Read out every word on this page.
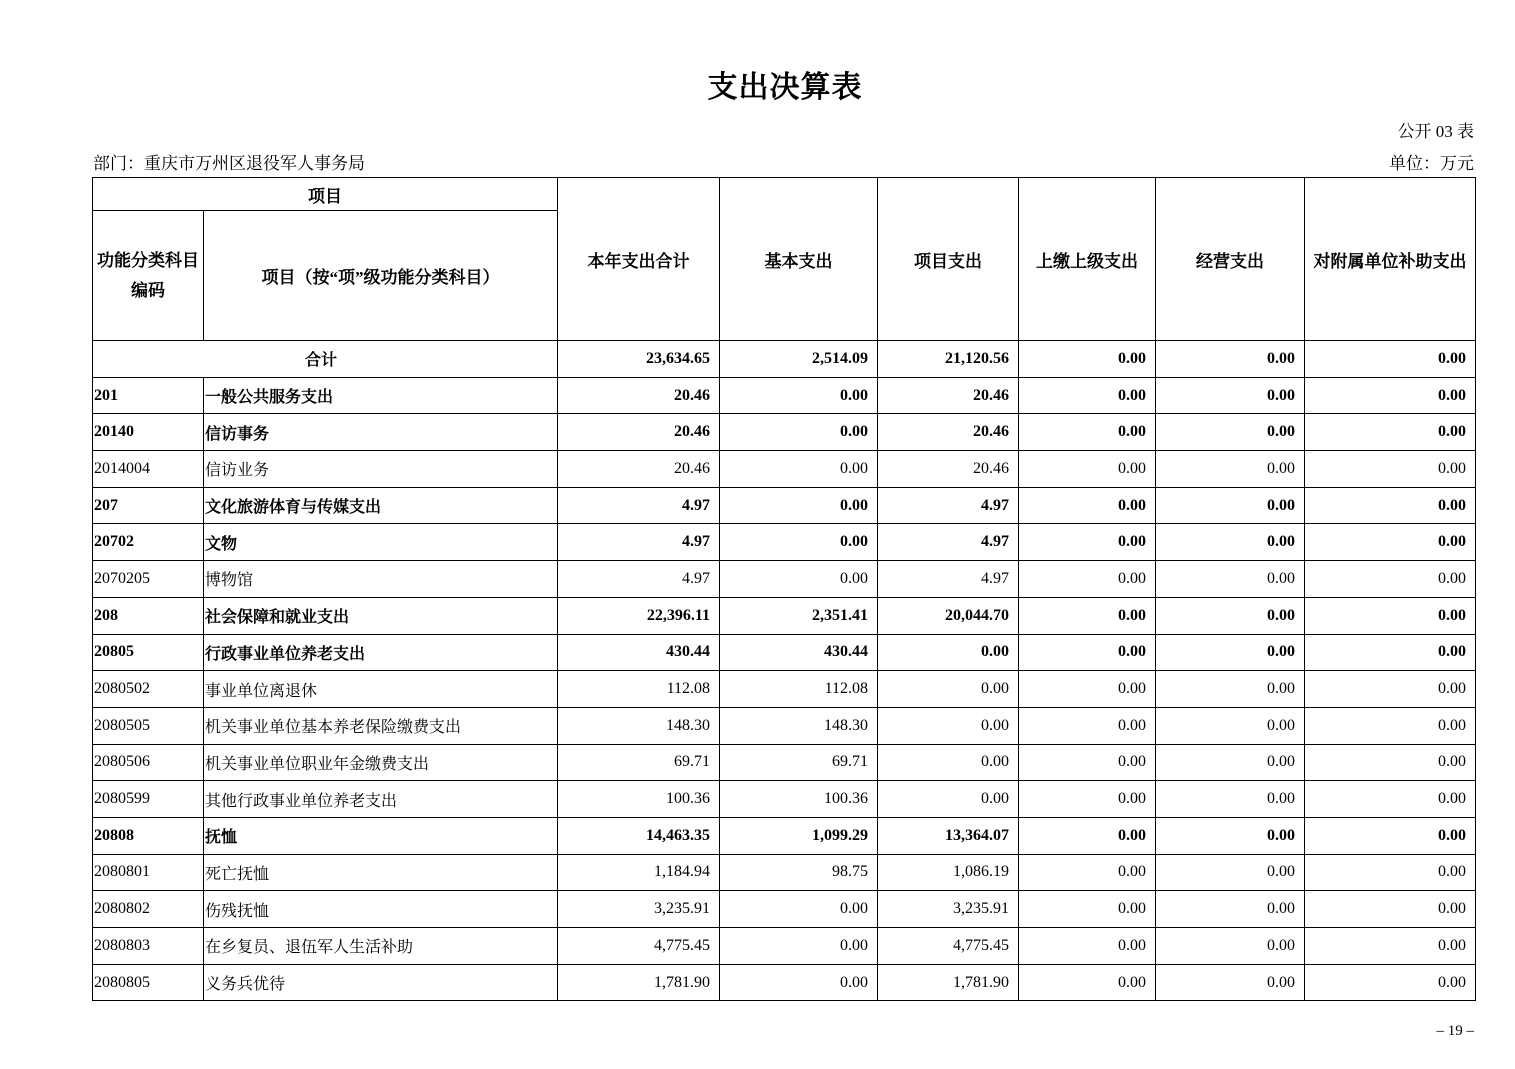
支出决算表
公开 03 表
部门：重庆市万州区退役军人事务局	单位：万元
项目		本年支出合计	基本支出	项目支出	上缴上级支出	经营支出	对附属单位补助支出
功能分类科目编码	项目（按“项”级功能分类科目）						
合计		23,634.65	2,514.09	21,120.56	0.00	0.00	0.00
201	一般公共服务支出	20.46	0.00	20.46	0.00	0.00	0.00
20140	信访事务	20.46	0.00	20.46	0.00	0.00	0.00
2014004	信访业务	20.46	0.00	20.46	0.00	0.00	0.00
207	文化旅游体育与传媒支出	4.97	0.00	4.97	0.00	0.00	0.00
20702	文物	4.97	0.00	4.97	0.00	0.00	0.00
2070205	博物馆	4.97	0.00	4.97	0.00	0.00	0.00
208	社会保障和就业支出	22,396.11	2,351.41	20,044.70	0.00	0.00	0.00
20805	行政事业单位养老支出	430.44	430.44	0.00	0.00	0.00	0.00
2080502	事业单位离退休	112.08	112.08	0.00	0.00	0.00	0.00
2080505	机关事业单位基本养老保险缴费支出	148.30	148.30	0.00	0.00	0.00	0.00
2080506	机关事业单位职业年金缴费支出	69.71	69.71	0.00	0.00	0.00	0.00
2080599	其他行政事业单位养老支出	100.36	100.36	0.00	0.00	0.00	0.00
20808	抚恤	14,463.35	1,099.29	13,364.07	0.00	0.00	0.00
2080801	死亡抚恤	1,184.94	98.75	1,086.19	0.00	0.00	0.00
2080802	伤残抚恤	3,235.91	0.00	3,235.91	0.00	0.00	0.00
2080803	在乡复员、退伍军人生活补助	4,775.45	0.00	4,775.45	0.00	0.00	0.00
2080805	义务兵优待	1,781.90	0.00	1,781.90	0.00	0.00	0.00
– 19 –
